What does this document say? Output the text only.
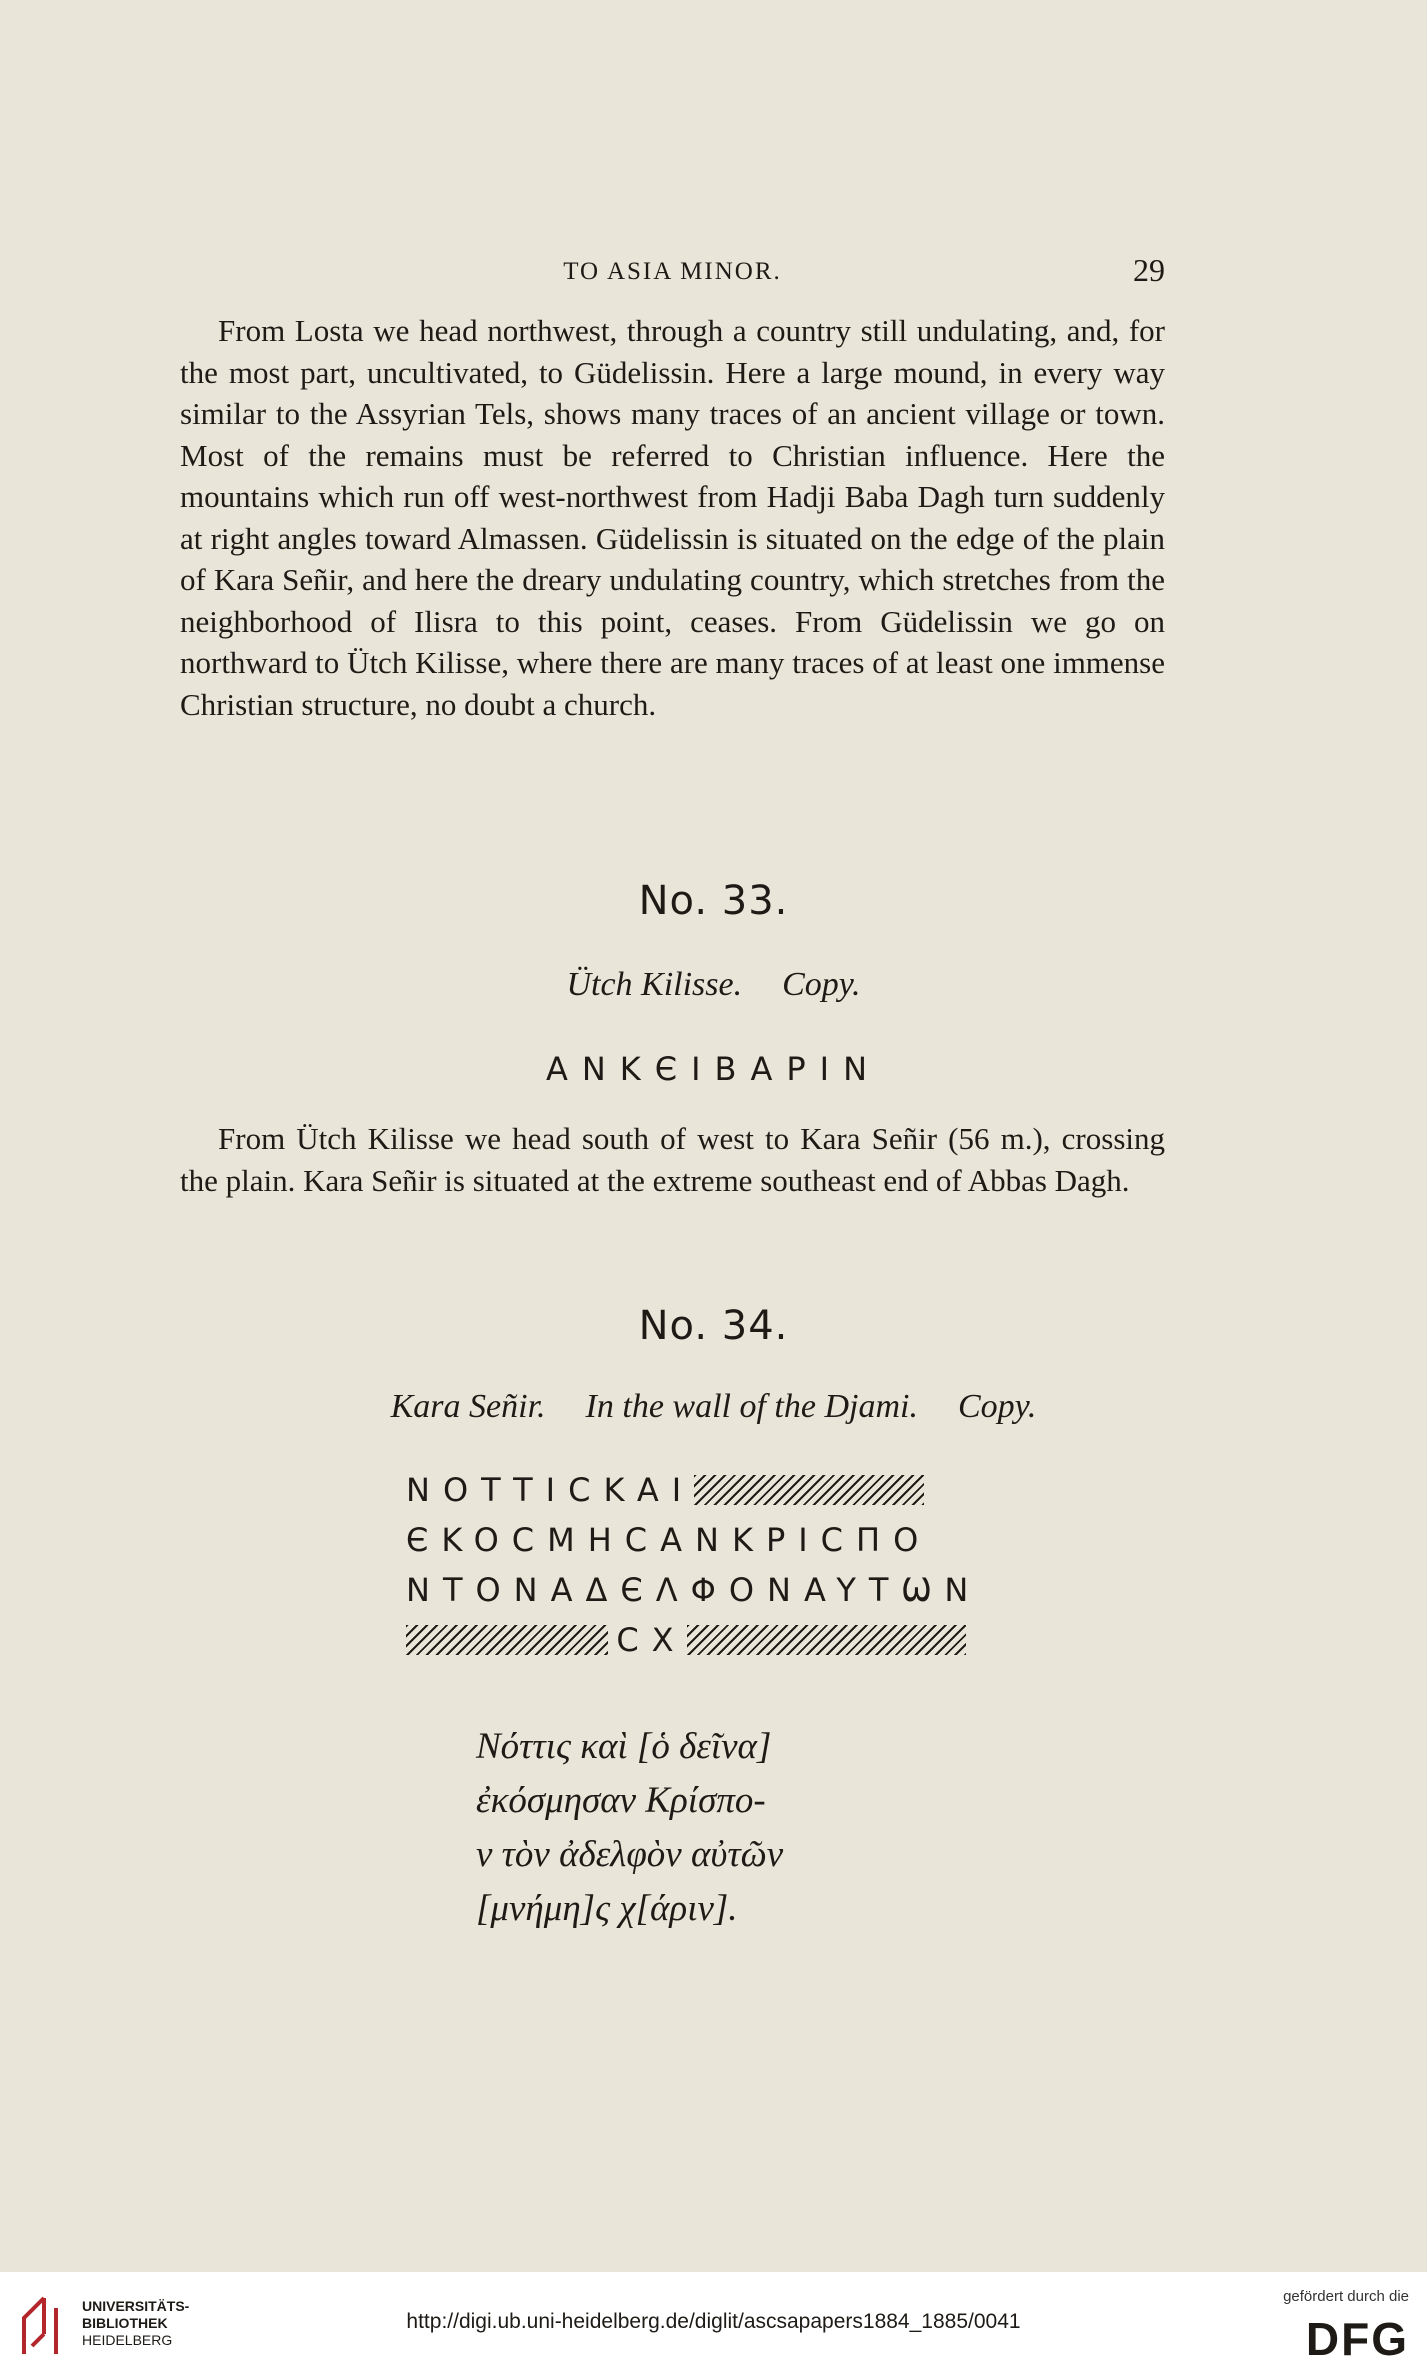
TO ASIA MINOR.	29

From Losta we head northwest, through a country still undulating, and, for the most part, uncultivated, to Güdelissin. Here a large mound, in every way similar to the Assyrian Tels, shows many traces of an ancient village or town. Most of the remains must be referred to Christian influence. Here the mountains which run off west-northwest from Hadji Baba Dagh turn suddenly at right angles toward Almassen. Güdelissin is situated on the edge of the plain of Kara Señir, and here the dreary undulating country, which stretches from the neighborhood of Ilisra to this point, ceases. From Güdelissin we go on northward to Ütch Kilisse, where there are many traces of at least one immense Christian structure, no doubt a church.

No. 33.
Ütch Kilisse. Copy.
ANKЄIBAPIN

From Ütch Kilisse we head south of west to Kara Señir (56 m.), crossing the plain. Kara Señir is situated at the extreme southeast end of Abbas Dagh.

No. 34.
Kara Señir. In the wall of the Djami. Copy.
NOTTICKAI
ЄKOCMHCANKPICΠO
NTONAΔЄΛΦONAYTѠN
CX
Νόττις καὶ [ὁ δεῖνα]
ἐκόσμησαν Κρίσπο-
ν τὸν ἀδελφὸν αὐτῶν
[μνήμη]ς χ[άριν].
UNIVERSITÄTS-
BIBLIOTHEK
HEIDELBERG
http://digi.ub.uni-heidelberg.de/diglit/ascsapapers1884_1885/0041
gefördert durch die
DFG
